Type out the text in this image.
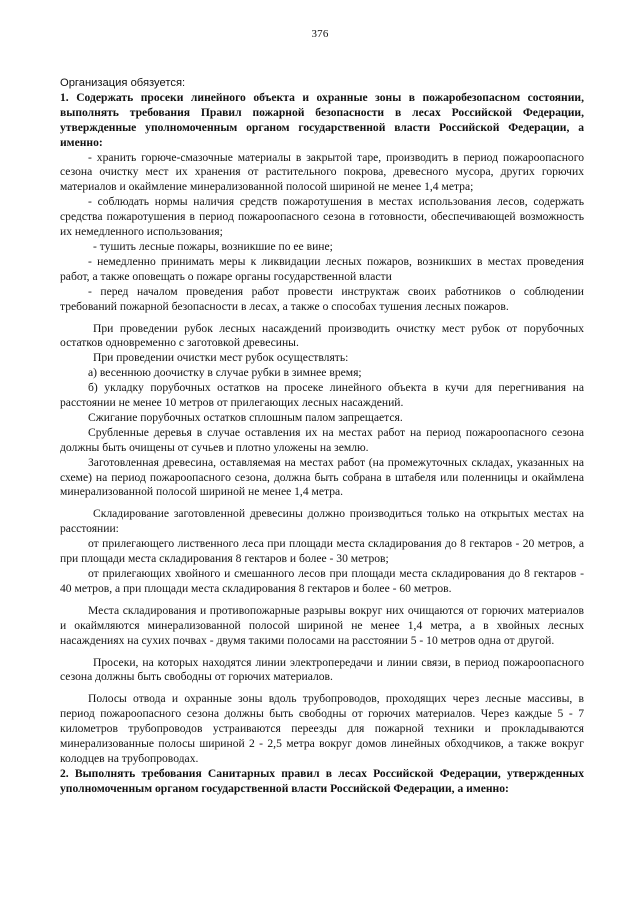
376

Организация обязуется:

1. Содержать просеки линейного объекта и охранные зоны в пожаробезопасном состоянии, выполнять требования Правил пожарной безопасности в лесах Российской Федерации, утвержденные уполномоченным органом государственной власти Российской Федерации, а именно:

- хранить горюче-смазочные материалы в закрытой таре, производить в период пожароопасного сезона очистку мест их хранения от растительного покрова, древесного мусора, других горючих материалов и окаймление минерализованной полосой шириной не менее 1,4 метра;

- соблюдать нормы наличия средств пожаротушения в местах использования лесов, содержать средства пожаротушения в период пожароопасного сезона в готовности, обеспечивающей возможность их немедленного использования;

- тушить лесные пожары, возникшие по ее вине;

- немедленно принимать меры к ликвидации лесных пожаров, возникших в местах проведения работ, а также оповещать о пожаре органы государственной власти

- перед началом проведения работ провести инструктаж своих работников о соблюдении требований пожарной безопасности в лесах, а также о способах тушения лесных пожаров.

При проведении рубок лесных насаждений производить очистку мест рубок от порубочных остатков одновременно с заготовкой древесины.

При проведении очистки мест рубок осуществлять:

а) весеннюю доочистку в случае рубки в зимнее время;

б) укладку порубочных остатков на просеке линейного объекта в кучи для перегнивания на расстоянии не менее 10 метров от прилегающих лесных насаждений.

Сжигание порубочных остатков сплошным палом запрещается.

Срубленные деревья в случае оставления их на местах работ на период пожароопасного сезона должны быть очищены от сучьев и плотно уложены на землю.

Заготовленная древесина, оставляемая на местах работ (на промежуточных складах, указанных на схеме) на период пожароопасного сезона, должна быть собрана в штабеля или поленницы и окаймлена минерализованной полосой шириной не менее 1,4 метра.

Складирование заготовленной древесины должно производиться только на открытых местах на расстоянии:

от прилегающего лиственного леса при площади места складирования до 8 гектаров - 20 метров, а при площади места складирования 8 гектаров и более - 30 метров;

от прилегающих хвойного и смешанного лесов при площади места складирования до 8 гектаров - 40 метров, а при площади места складирования 8 гектаров и более - 60 метров.

Места складирования и противопожарные разрывы вокруг них очищаются от горючих материалов и окаймляются минерализованной полосой шириной не менее 1,4 метра, а в хвойных лесных насаждениях на сухих почвах - двумя такими полосами на расстоянии 5 - 10 метров одна от другой.

Просеки, на которых находятся линии электропередачи и линии связи, в период пожароопасного сезона должны быть свободны от горючих материалов.

Полосы отвода и охранные зоны вдоль трубопроводов, проходящих через лесные массивы, в период пожароопасного сезона должны быть свободны от горючих материалов. Через каждые 5 - 7 километров трубопроводов устраиваются переезды для пожарной техники и прокладываются минерализованные полосы шириной 2 - 2,5 метра вокруг домов линейных обходчиков, а также вокруг колодцев на трубопроводах.

2. Выполнять требования Санитарных правил в лесах Российской Федерации, утвержденных уполномоченным органом государственной власти Российской Федерации, а именно:
